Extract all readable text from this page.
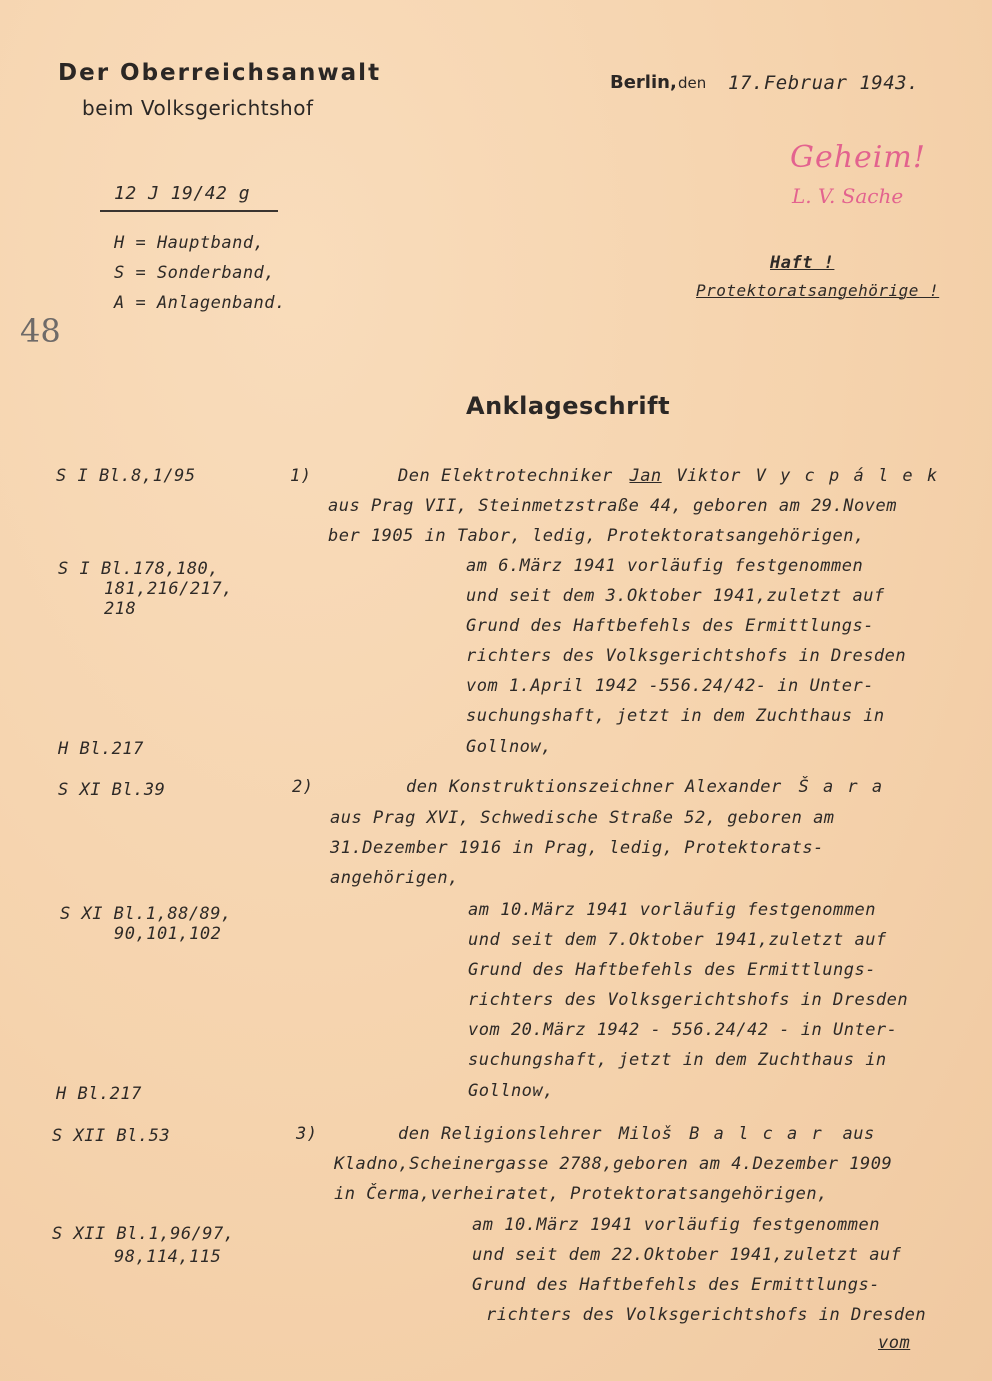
Der Oberreichsanwalt
beim Volksgerichtshof
Berlin, den 17.Februar 1943.
12 J 19/42 g
H = Hauptband,
S = Sonderband,
A = Anlagenband.
48
Geheim!
L. V. Sache
Haft !
Protektoratsangehörige !
Anklageschrift
S I Bl.8,1/95
S I Bl.178,180,
181,216/217,
218
H Bl.217
S XI Bl.39
S XI Bl.1,88/89,
90,101,102
H Bl.217
S XII Bl.53
S XII Bl.1,96/97,
98,114,115
1)	Den Elektrotechniker Jan Viktor V y c p á l e k
aus Prag VII, Steinmetzstraße 44, geboren am 29.Novem
ber 1905 in Tabor, ledig, Protektoratsangehörigen,
am 6.März 1941 vorläufig festgenommen
und seit dem 3.Oktober 1941,zuletzt auf
Grund des Haftbefehls des Ermittlungs-
richters des Volksgerichtshofs in Dresden
vom 1.April 1942 -556.24/42- in Unter-
suchungshaft, jetzt in dem Zuchthaus in
Gollnow,
2)	den Konstruktionszeichner Alexander Š a r a
aus Prag XVI, Schwedische Straße 52, geboren am
31.Dezember 1916 in Prag, ledig, Protektorats-
angehörigen,
am 10.März 1941 vorläufig festgenommen
und seit dem 7.Oktober 1941,zuletzt auf
Grund des Haftbefehls des Ermittlungs-
richters des Volksgerichtshofs in Dresden
vom 20.März 1942 - 556.24/42 - in Unter-
suchungshaft, jetzt in dem Zuchthaus in
Gollnow,
3)	den Religionslehrer Miloš B a l c a r aus
Kladno,Scheinergasse 2788,geboren am 4.Dezember 1909
in Čerma,verheiratet, Protektoratsangehörigen,
am 10.März 1941 vorläufig festgenommen
und seit dem 22.Oktober 1941,zuletzt auf
Grund des Haftbefehls des Ermittlungs-
richters des Volksgerichtshofs in Dresden
vom
